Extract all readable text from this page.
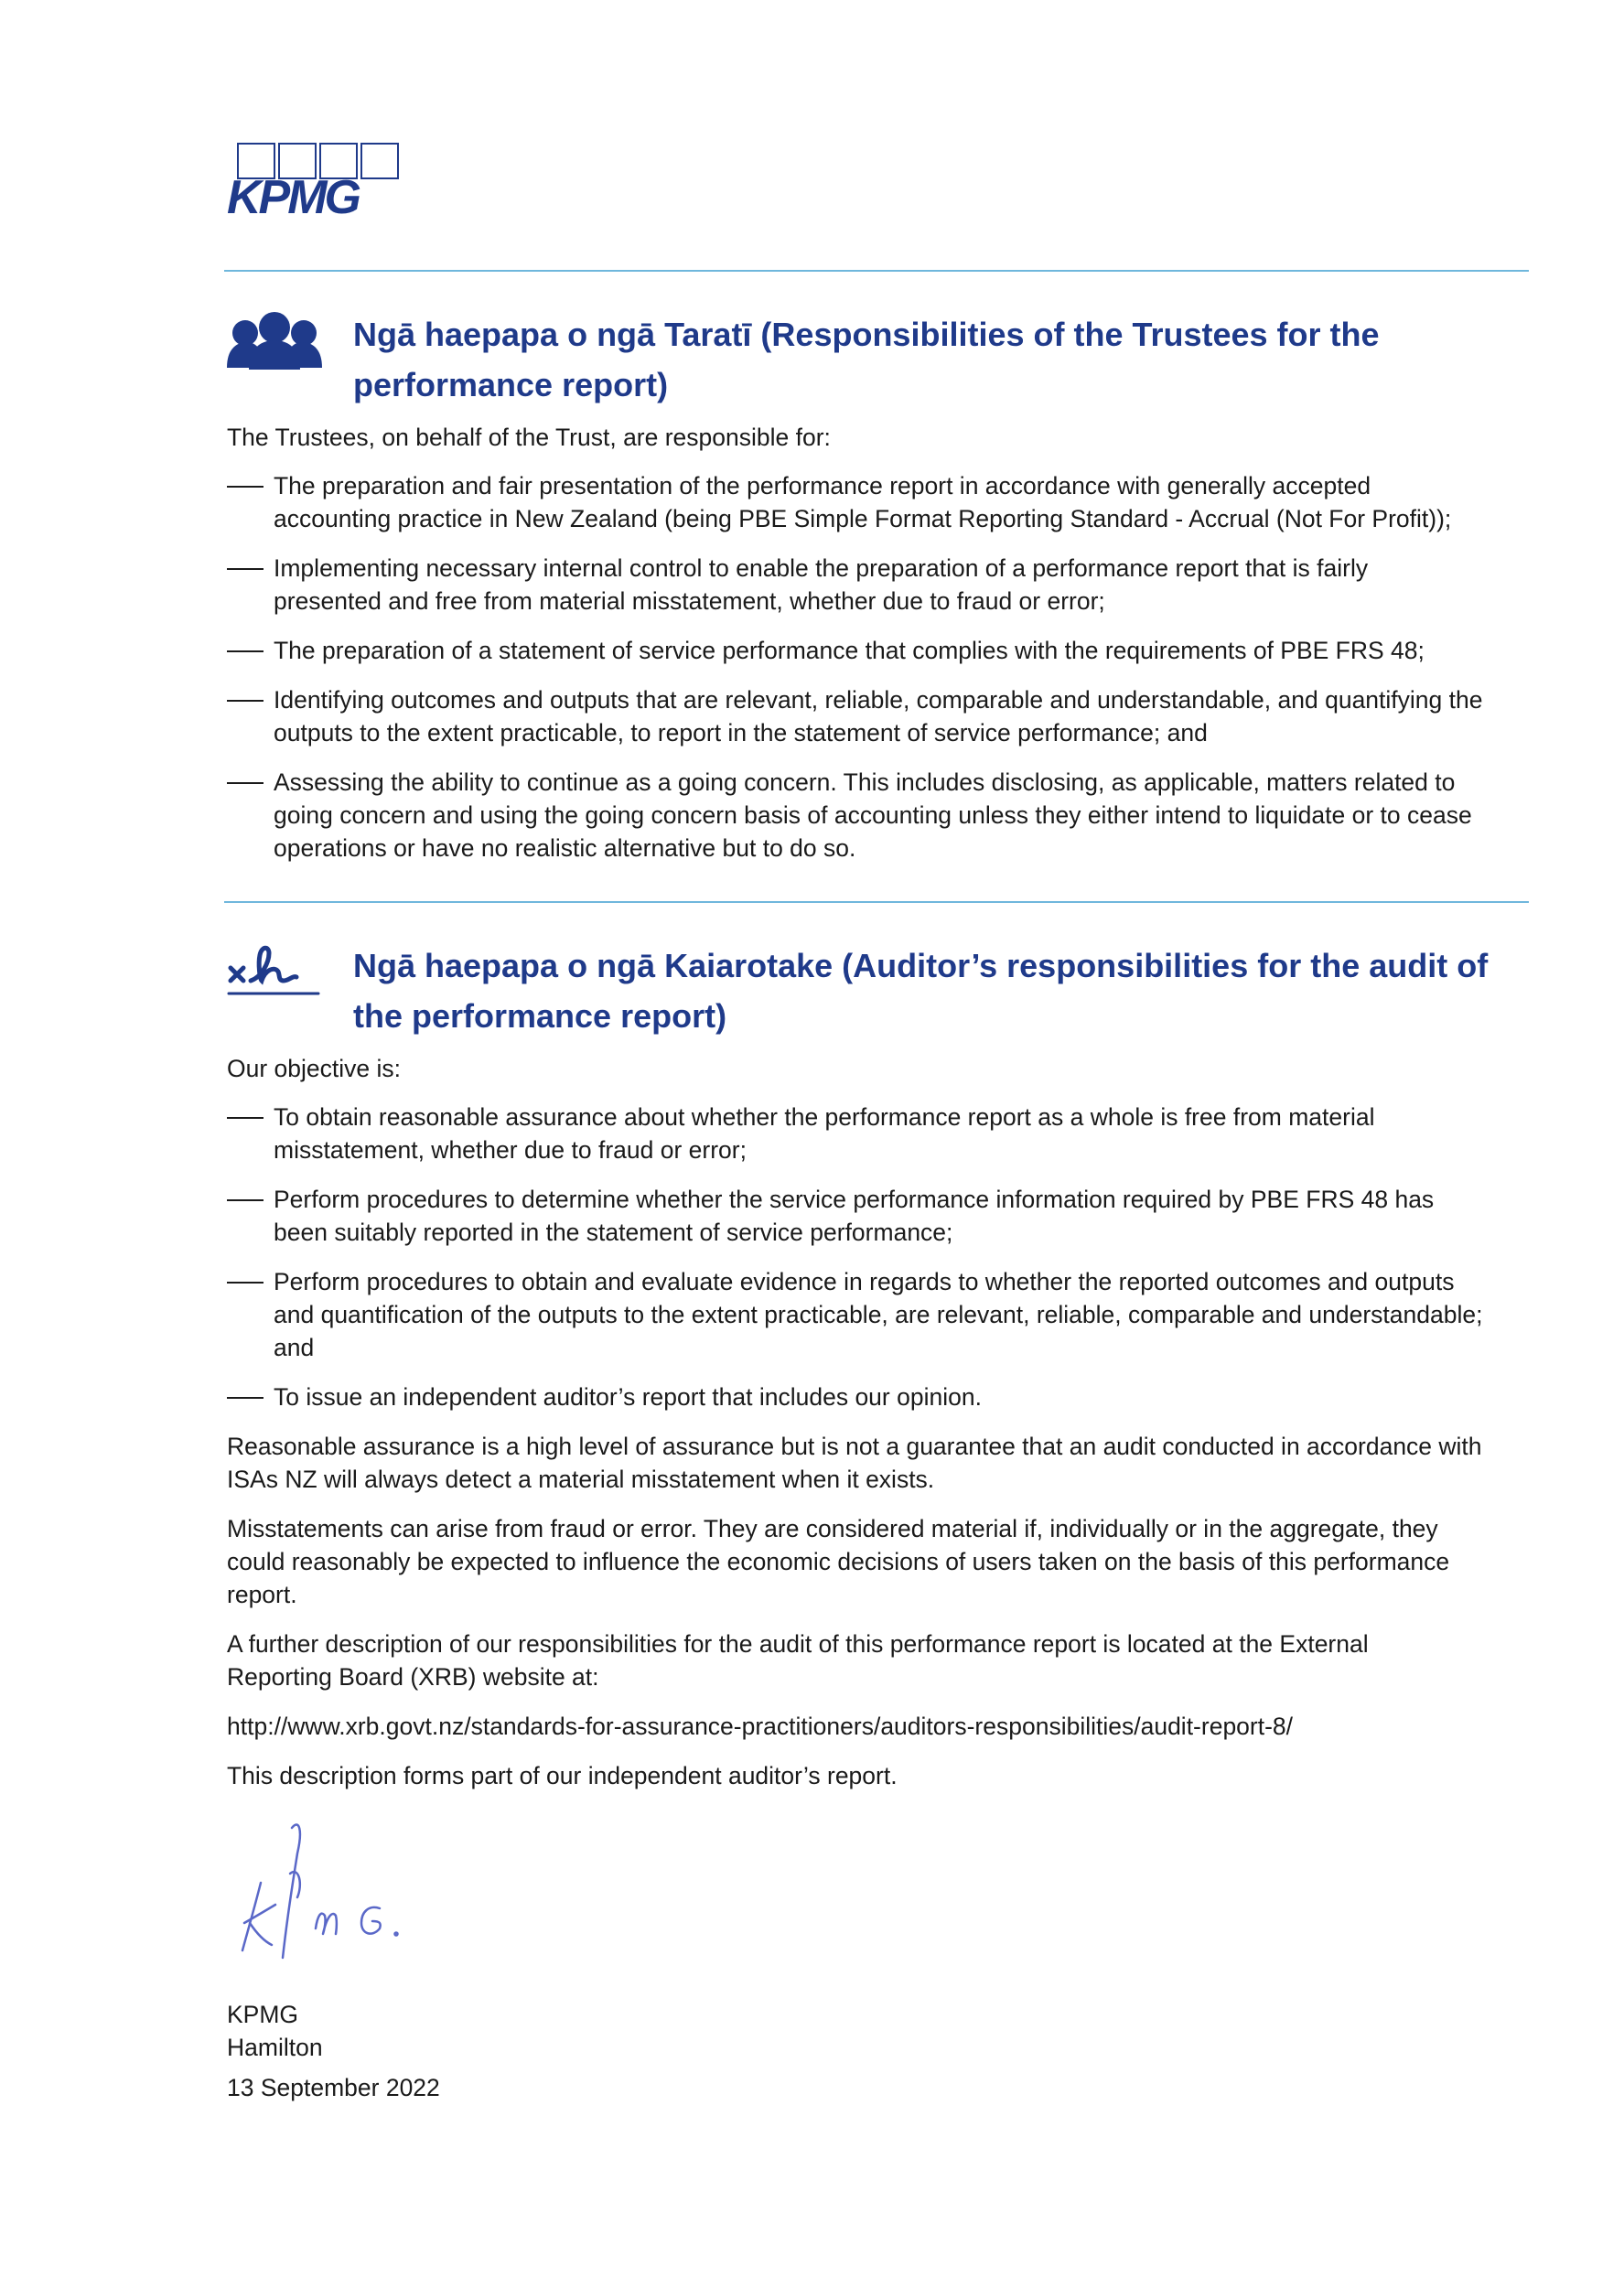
KPMG
Ngā haepapa o ngā Taratī (Responsibilities of the Trustees for the
performance report)

The Trustees, on behalf of the Trust, are responsible for:

The preparation and fair presentation of the performance report in accordance with generally accepted
accounting practice in New Zealand (being PBE Simple Format Reporting Standard - Accrual (Not For Profit));
Implementing necessary internal control to enable the preparation of a performance report that is fairly
presented and free from material misstatement, whether due to fraud or error;
The preparation of a statement of service performance that complies with the requirements of PBE FRS 48;
Identifying outcomes and outputs that are relevant, reliable, comparable and understandable, and quantifying the
outputs to the extent practicable, to report in the statement of service performance; and
Assessing the ability to continue as a going concern. This includes disclosing, as applicable, matters related to
going concern and using the going concern basis of accounting unless they either intend to liquidate or to cease
operations or have no realistic alternative but to do so.
Ngā haepapa o ngā Kaiarotake (Auditor’s responsibilities for the audit of
the performance report)

Our objective is:

To obtain reasonable assurance about whether the performance report as a whole is free from material
misstatement, whether due to fraud or error;
Perform procedures to determine whether the service performance information required by PBE FRS 48 has
been suitably reported in the statement of service performance;
Perform procedures to obtain and evaluate evidence in regards to whether the reported outcomes and outputs
and quantification of the outputs to the extent practicable, are relevant, reliable, comparable and understandable;
and
To issue an independent auditor’s report that includes our opinion.

Reasonable assurance is a high level of assurance but is not a guarantee that an audit conducted in accordance with
ISAs NZ will always detect a material misstatement when it exists.

Misstatements can arise from fraud or error. They are considered material if, individually or in the aggregate, they
could reasonably be expected to influence the economic decisions of users taken on the basis of this performance
report.

A further description of our responsibilities for the audit of this performance report is located at the External
Reporting Board (XRB) website at:

http://www.xrb.govt.nz/standards-for-assurance-practitioners/auditors-responsibilities/audit-report-8/

This description forms part of our independent auditor’s report.

KPMG

Hamilton

13 September 2022
